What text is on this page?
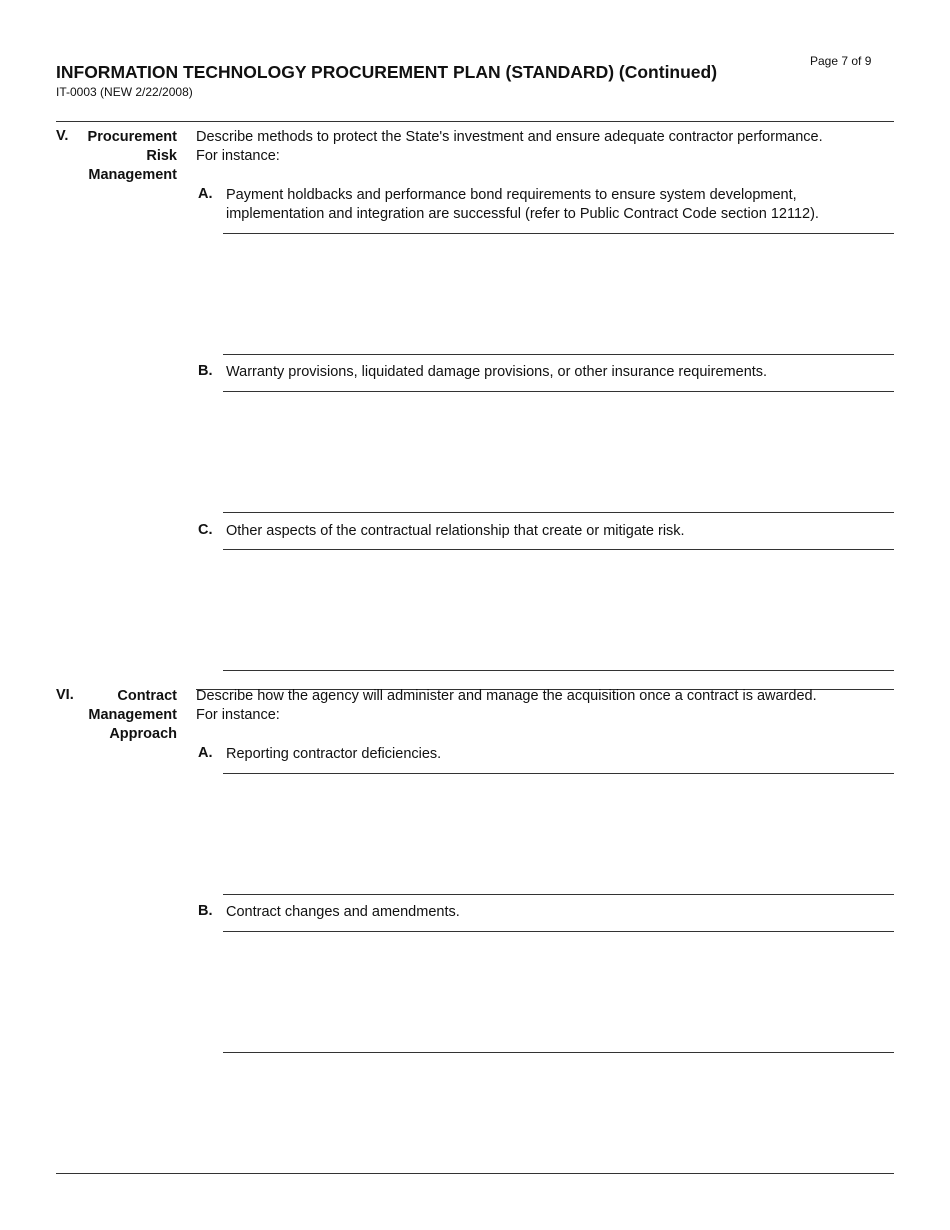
INFORMATION TECHNOLOGY PROCUREMENT PLAN (STANDARD) (Continued)
IT-0003 (NEW 2/22/2008)
Page 7 of 9
V.	Procurement
Risk
Management
Describe methods to protect the State's investment and ensure adequate contractor performance.
For instance:
A. Payment holdbacks and performance bond requirements to ensure system development, implementation and integration are successful (refer to Public Contract Code section 12112).
B. Warranty provisions, liquidated damage provisions, or other insurance requirements.
C. Other aspects of the contractual relationship that create or mitigate risk.
VI.	Contract
Management
Approach
Describe how the agency will administer and manage the acquisition once a contract is awarded.
For instance:
A. Reporting contractor deficiencies.
B. Contract changes and amendments.
